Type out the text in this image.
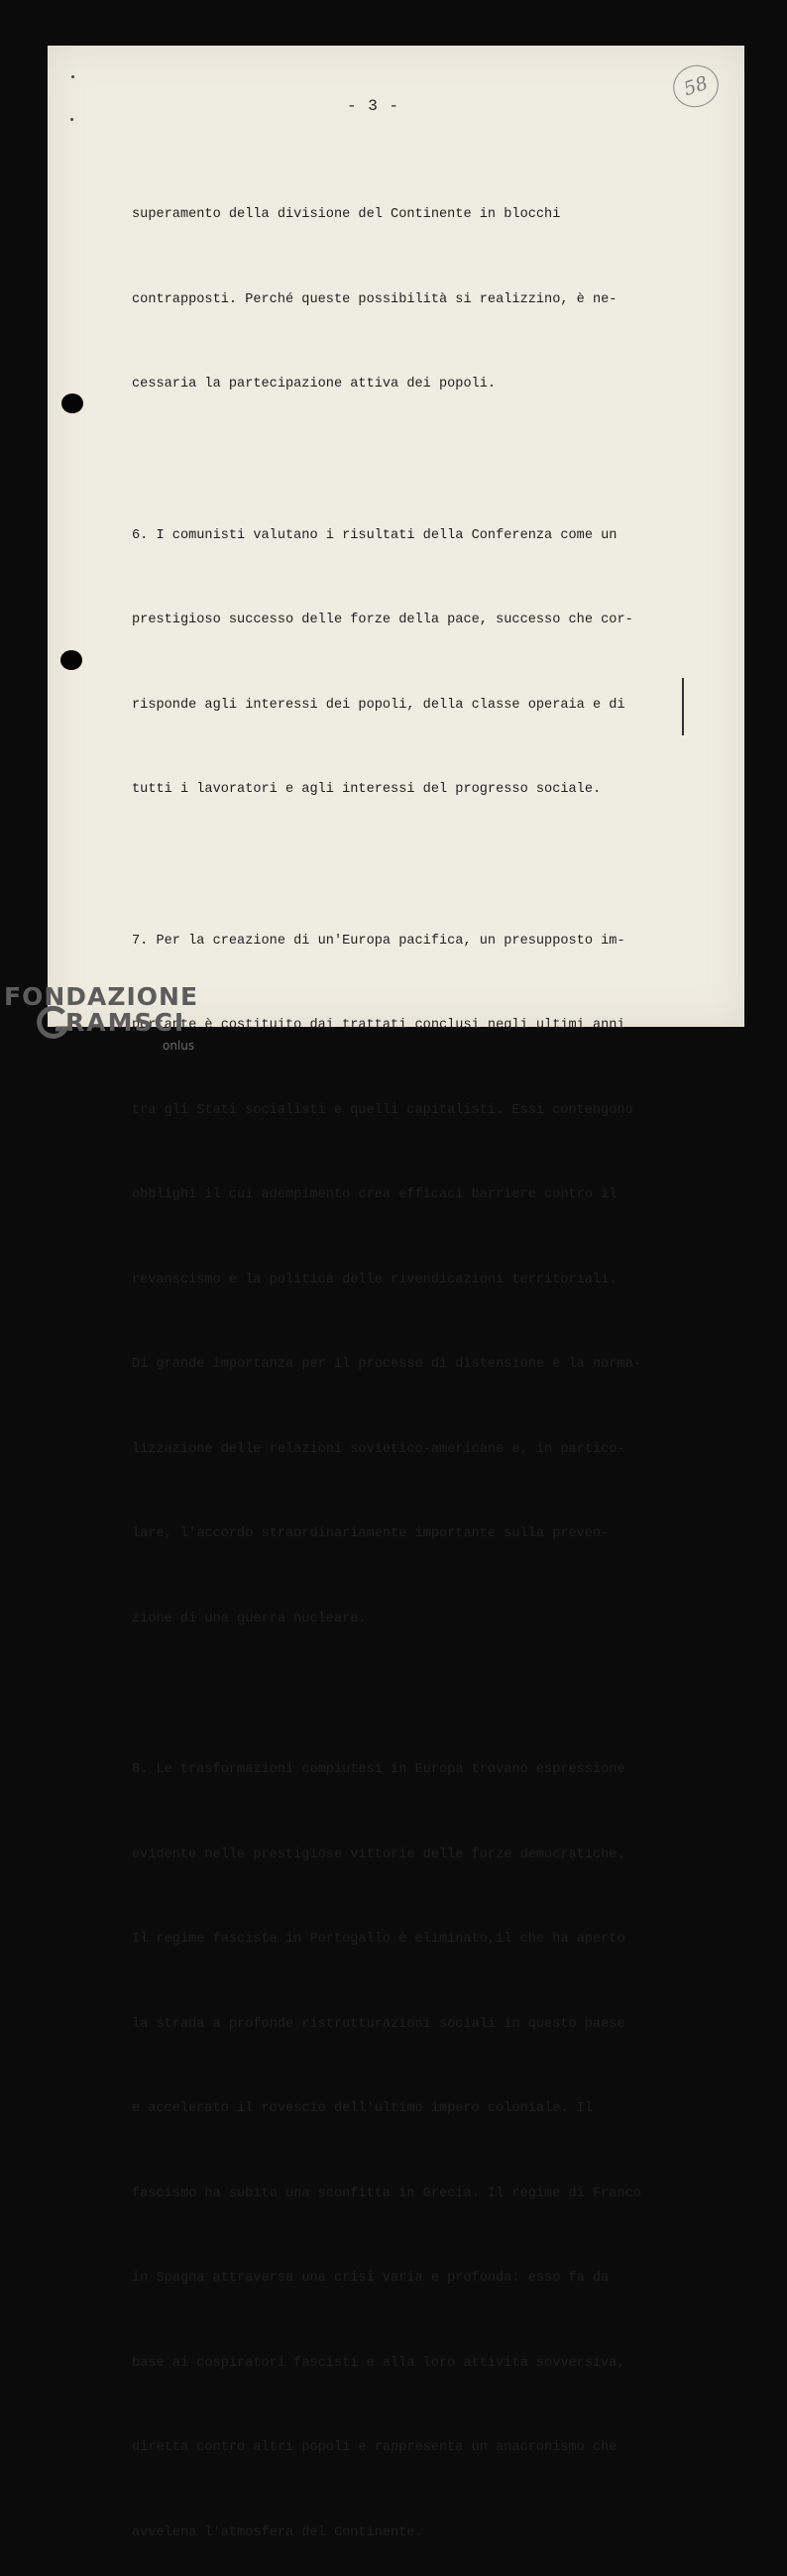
- 3 -
58

superamento della divisione del Continente in blocchi

contrapposti. Perché queste possibilità si realizzino, è ne-

cessaria la partecipazione attiva dei popoli.

6. I comunisti valutano i risultati della Conferenza come un

prestigioso successo delle forze della pace, successo che cor-

risponde agli interessi dei popoli, della classe operaia e di

tutti i lavoratori e agli interessi del progresso sociale.

7. Per la creazione di un'Europa pacifica, un presupposto im-

portante è costituito dai trattati conclusi negli ultimi anni

tra gli Stati socialisti e quelli capitalisti. Essi contengono

obblighi il cui adempimento crea efficaci barriere contro il

revanscismo e la politica delle rivendicazioni territoriali.

Di grande importanza per il processo di distensione è la norma-

lizzazione delle relazioni sovietico-americane e, in partico-

lare, l'accordo straordinariamente importante sulla preven-

zione di una guerra nucleare.

8. Le trasformazioni compiutesi in Europa trovano espressione

evidente nelle prestigiose vittorie delle forze democratiche.

Il regime fascista in Portogallo è eliminato,il che ha aperto

la strada a profonde ristrutturazioni sociali in questo paese

e accelerato il rovescio dell'ultimo impero coloniale. Il

fascismo ha subito una sconfitta in Grecia. Il regime di Franco

in Spagna attraversa una crisi varia e profonda: esso fa da

base ai cospiratori fascisti e alla loro attività sovversiva,

diretta contro altri popoli e rappresenta un anacronismo che

avvelena l'atmosfera del Continente.

FONDAZIONE
RAMSCI
onlus
